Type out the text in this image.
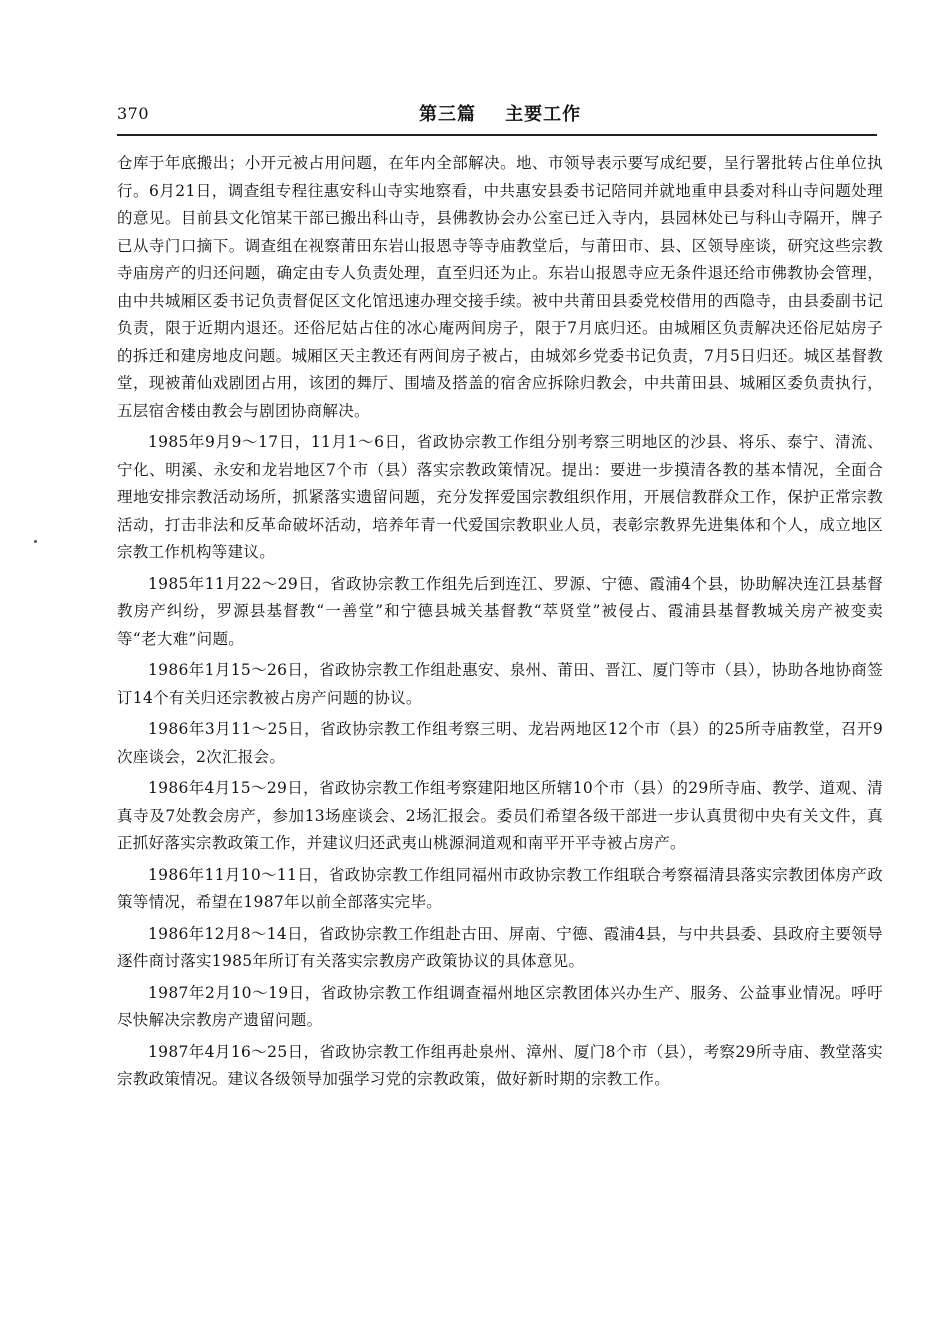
370	第三篇    主要工作

仓库于年底搬出；小开元被占用问题，在年内全部解决。地、市领导表示要写成纪要，呈行署批转占住单位执行。6月21日，调查组专程往惠安科山寺实地察看，中共惠安县委书记陪同并就地重申县委对科山寺问题处理的意见。目前县文化馆某干部已搬出科山寺，县佛教协会办公室已迁入寺内，县园林处已与科山寺隔开，牌子已从寺门口摘下。调查组在视察莆田东岩山报恩寺等寺庙教堂后，与莆田市、县、区领导座谈，研究这些宗教寺庙房产的归还问题，确定由专人负责处理，直至归还为止。东岩山报恩寺应无条件退还给市佛教协会管理，由中共城厢区委书记负责督促区文化馆迅速办理交接手续。被中共莆田县委党校借用的西隐寺，由县委副书记负责，限于近期内退还。还俗尼姑占住的冰心庵两间房子，限于7月底归还。由城厢区负责解决还俗尼姑房子的拆迁和建房地皮问题。城厢区天主教还有两间房子被占，由城郊乡党委书记负责，7月5日归还。城区基督教堂，现被莆仙戏剧团占用，该团的舞厅、围墙及搭盖的宿舍应拆除归教会，中共莆田县、城厢区委负责执行，五层宿舍楼由教会与剧团协商解决。

1985年9月9～17日，11月1～6日，省政协宗教工作组分别考察三明地区的沙县、将乐、泰宁、清流、宁化、明溪、永安和龙岩地区7个市（县）落实宗教政策情况。提出：要进一步摸清各教的基本情况，全面合理地安排宗教活动场所，抓紧落实遗留问题，充分发挥爱国宗教组织作用，开展信教群众工作，保护正常宗教活动，打击非法和反革命破坏活动，培养年青一代爱国宗教职业人员，表彰宗教界先进集体和个人，成立地区宗教工作机构等建议。

1985年11月22～29日，省政协宗教工作组先后到连江、罗源、宁德、霞浦4个县，协助解决连江县基督教房产纠纷，罗源县基督教“一善堂”和宁德县城关基督教“萃贤堂”被侵占、霞浦县基督教城关房产被变卖等“老大难”问题。

1986年1月15～26日，省政协宗教工作组赴惠安、泉州、莆田、晋江、厦门等市（县），协助各地协商签订14个有关归还宗教被占房产问题的协议。

1986年3月11～25日，省政协宗教工作组考察三明、龙岩两地区12个市（县）的25所寺庙教堂，召开9次座谈会，2次汇报会。

1986年4月15～29日，省政协宗教工作组考察建阳地区所辖10个市（县）的29所寺庙、教学、道观、清真寺及7处教会房产，参加13场座谈会、2场汇报会。委员们希望各级干部进一步认真贯彻中央有关文件，真正抓好落实宗教政策工作，并建议归还武夷山桃源洞道观和南平开平寺被占房产。

1986年11月10～11日，省政协宗教工作组同福州市政协宗教工作组联合考察福清县落实宗教团体房产政策等情况，希望在1987年以前全部落实完毕。

1986年12月8～14日，省政协宗教工作组赴古田、屏南、宁德、霞浦4县，与中共县委、县政府主要领导逐件商讨落实1985年所订有关落实宗教房产政策协议的具体意见。

1987年2月10～19日，省政协宗教工作组调查福州地区宗教团体兴办生产、服务、公益事业情况。呼吁尽快解决宗教房产遗留问题。

1987年4月16～25日，省政协宗教工作组再赴泉州、漳州、厦门8个市（县），考察29所寺庙、教堂落实宗教政策情况。建议各级领导加强学习党的宗教政策，做好新时期的宗教工作。
